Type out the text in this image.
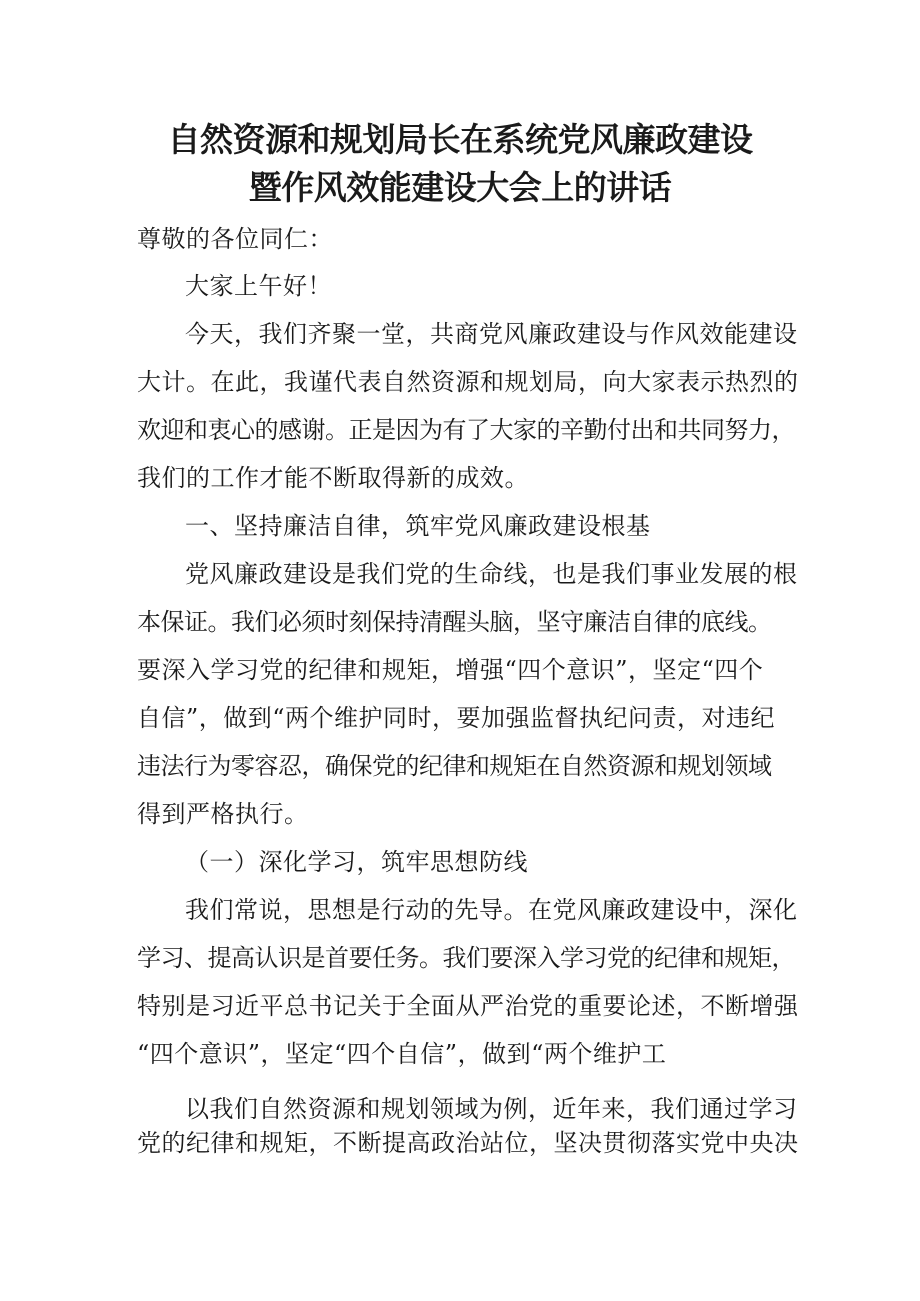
自然资源和规划局长在系统党风廉政建设
暨作风效能建设大会上的讲话

尊敬的各位同仁：

大家上午好！

今天，我们齐聚一堂，共商党风廉政建设与作风效能建设

大计。在此，我谨代表自然资源和规划局，向大家表示热烈的

欢迎和衷心的感谢。正是因为有了大家的辛勤付出和共同努力，

我们的工作才能不断取得新的成效。

一、坚持廉洁自律，筑牢党风廉政建设根基

党风廉政建设是我们党的生命线，也是我们事业发展的根

本保证。我们必须时刻保持清醒头脑，坚守廉洁自律的底线。

要深入学习党的纪律和规矩，增强“四个意识”，坚定“四个

自信”，做到“两个维护同时，要加强监督执纪问责，对违纪

违法行为零容忍，确保党的纪律和规矩在自然资源和规划领域

得到严格执行。

（一）深化学习，筑牢思想防线

我们常说，思想是行动的先导。在党风廉政建设中，深化

学习、提高认识是首要任务。我们要深入学习党的纪律和规矩，

特别是习近平总书记关于全面从严治党的重要论述，不断增强

“四个意识”，坚定“四个自信”，做到“两个维护工

以我们自然资源和规划领域为例，近年来，我们通过学习

党的纪律和规矩，不断提高政治站位，坚决贯彻落实党中央决
